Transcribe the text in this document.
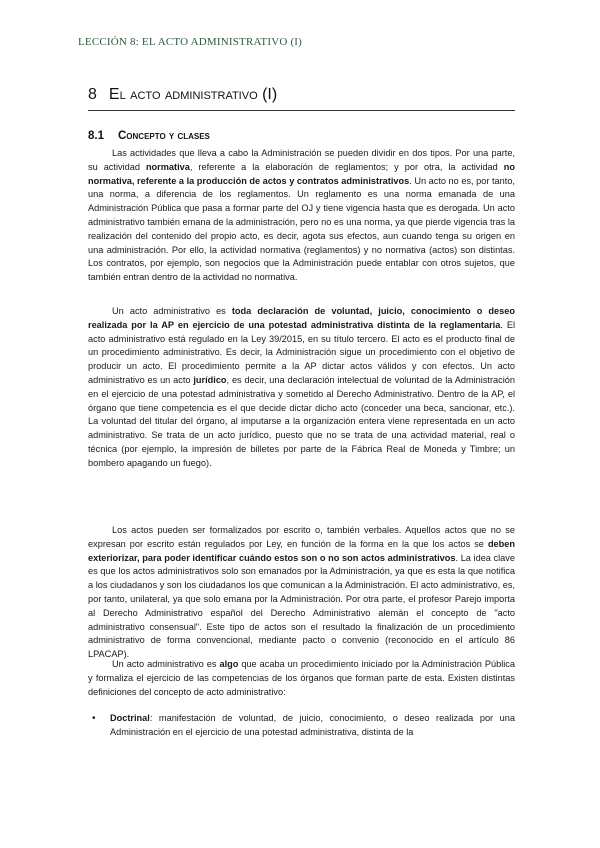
LECCIÓN 8: EL ACTO ADMINISTRATIVO (I)
8 El acto administrativo (I)
8.1 Concepto y clases

Las actividades que lleva a cabo la Administración se pueden dividir en dos tipos. Por una parte, su actividad normativa, referente a la elaboración de reglamentos; y por otra, la actividad no normativa, referente a la producción de actos y contratos administrativos. Un acto no es, por tanto, una norma, a diferencia de los reglamentos. Un reglamento es una norma emanada de una Administración Pública que pasa a formar parte del OJ y tiene vigencia hasta que es derogada. Un acto administrativo también emana de la administración, pero no es una norma, ya que pierde vigencia tras la realización del contenido del propio acto, es decir, agota sus efectos, aun cuando tenga su origen en una administración. Por ello, la actividad normativa (reglamentos) y no normativa (actos) son distintas. Los contratos, por ejemplo, son negocios que la Administración puede entablar con otros sujetos, que también entran dentro de la actividad no normativa.

Un acto administrativo es toda declaración de voluntad, juicio, conocimiento o deseo realizada por la AP en ejercicio de una potestad administrativa distinta de la reglamentaria. El acto administrativo está regulado en la Ley 39/2015, en su título tercero. El acto es el producto final de un procedimiento administrativo. Es decir, la Administración sigue un procedimiento con el objetivo de producir un acto. El procedimiento permite a la AP dictar actos válidos y con efectos. Un acto administrativo es un acto jurídico, es decir, una declaración intelectual de voluntad de la Administración en el ejercicio de una potestad administrativa y sometido al Derecho Administrativo. Dentro de la AP, el órgano que tiene competencia es el que decide dictar dicho acto (conceder una beca, sancionar, etc.). La voluntad del titular del órgano, al imputarse a la organización entera viene representada en un acto administrativo. Se trata de un acto jurídico, puesto que no se trata de una actividad material, real o técnica (por ejemplo, la impresión de billetes por parte de la Fábrica Real de Moneda y Timbre; un bombero apagando un fuego).

Los actos pueden ser formalizados por escrito o, también verbales. Aquellos actos que no se expresan por escrito están regulados por Ley, en función de la forma en la que los actos se deben exteriorizar, para poder identificar cuándo estos son o no son actos administrativos. La idea clave es que los actos administrativos solo son emanados por la Administración, ya que es esta la que notifica a los ciudadanos y son los ciudadanos los que comunican a la Administración. El acto administrativo, es, por tanto, unilateral, ya que solo emana por la Administración. Por otra parte, el profesor Parejo importa al Derecho Administrativo español del Derecho Administrativo alemán el concepto de "acto administrativo consensual". Este tipo de actos son el resultado la finalización de un procedimiento administrativo de forma convencional, mediante pacto o convenio (reconocido en el artículo 86 LPACAP).

Un acto administrativo es algo que acaba un procedimiento iniciado por la Administración Pública y formaliza el ejercicio de las competencias de los órganos que forman parte de esta. Existen distintas definiciones del concepto de acto administrativo:

• Doctrinal: manifestación de voluntad, de juicio, conocimiento, o deseo realizada por una Administración en el ejercicio de una potestad administrativa, distinta de la
